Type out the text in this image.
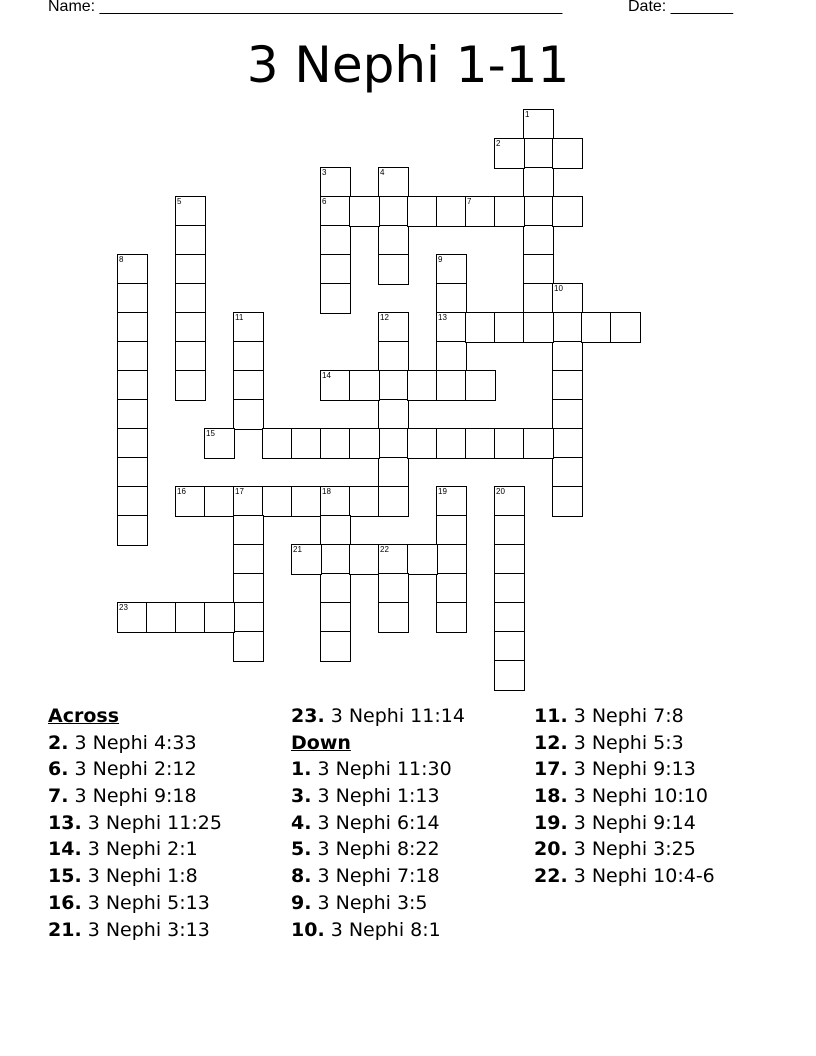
Name: ____________________________________________________	Date: _______
3 Nephi 1-11
1
2
3
6
4
5	7
8	9
13
10
11	12
14
15
16	17	18	19	20
21	22
23
Across
2. 3 Nephi 4:33
6. 3 Nephi 2:12
7. 3 Nephi 9:18
13. 3 Nephi 11:25
14. 3 Nephi 2:1
15. 3 Nephi 1:8
16. 3 Nephi 5:13
21. 3 Nephi 3:13
23. 3 Nephi 11:14
Down
1. 3 Nephi 11:30
3. 3 Nephi 1:13
4. 3 Nephi 6:14
5. 3 Nephi 8:22
8. 3 Nephi 7:18
9. 3 Nephi 3:5
10. 3 Nephi 8:1
11. 3 Nephi 7:8
12. 3 Nephi 5:3
17. 3 Nephi 9:13
18. 3 Nephi 10:10
19. 3 Nephi 9:14
20. 3 Nephi 3:25
22. 3 Nephi 10:4-6
